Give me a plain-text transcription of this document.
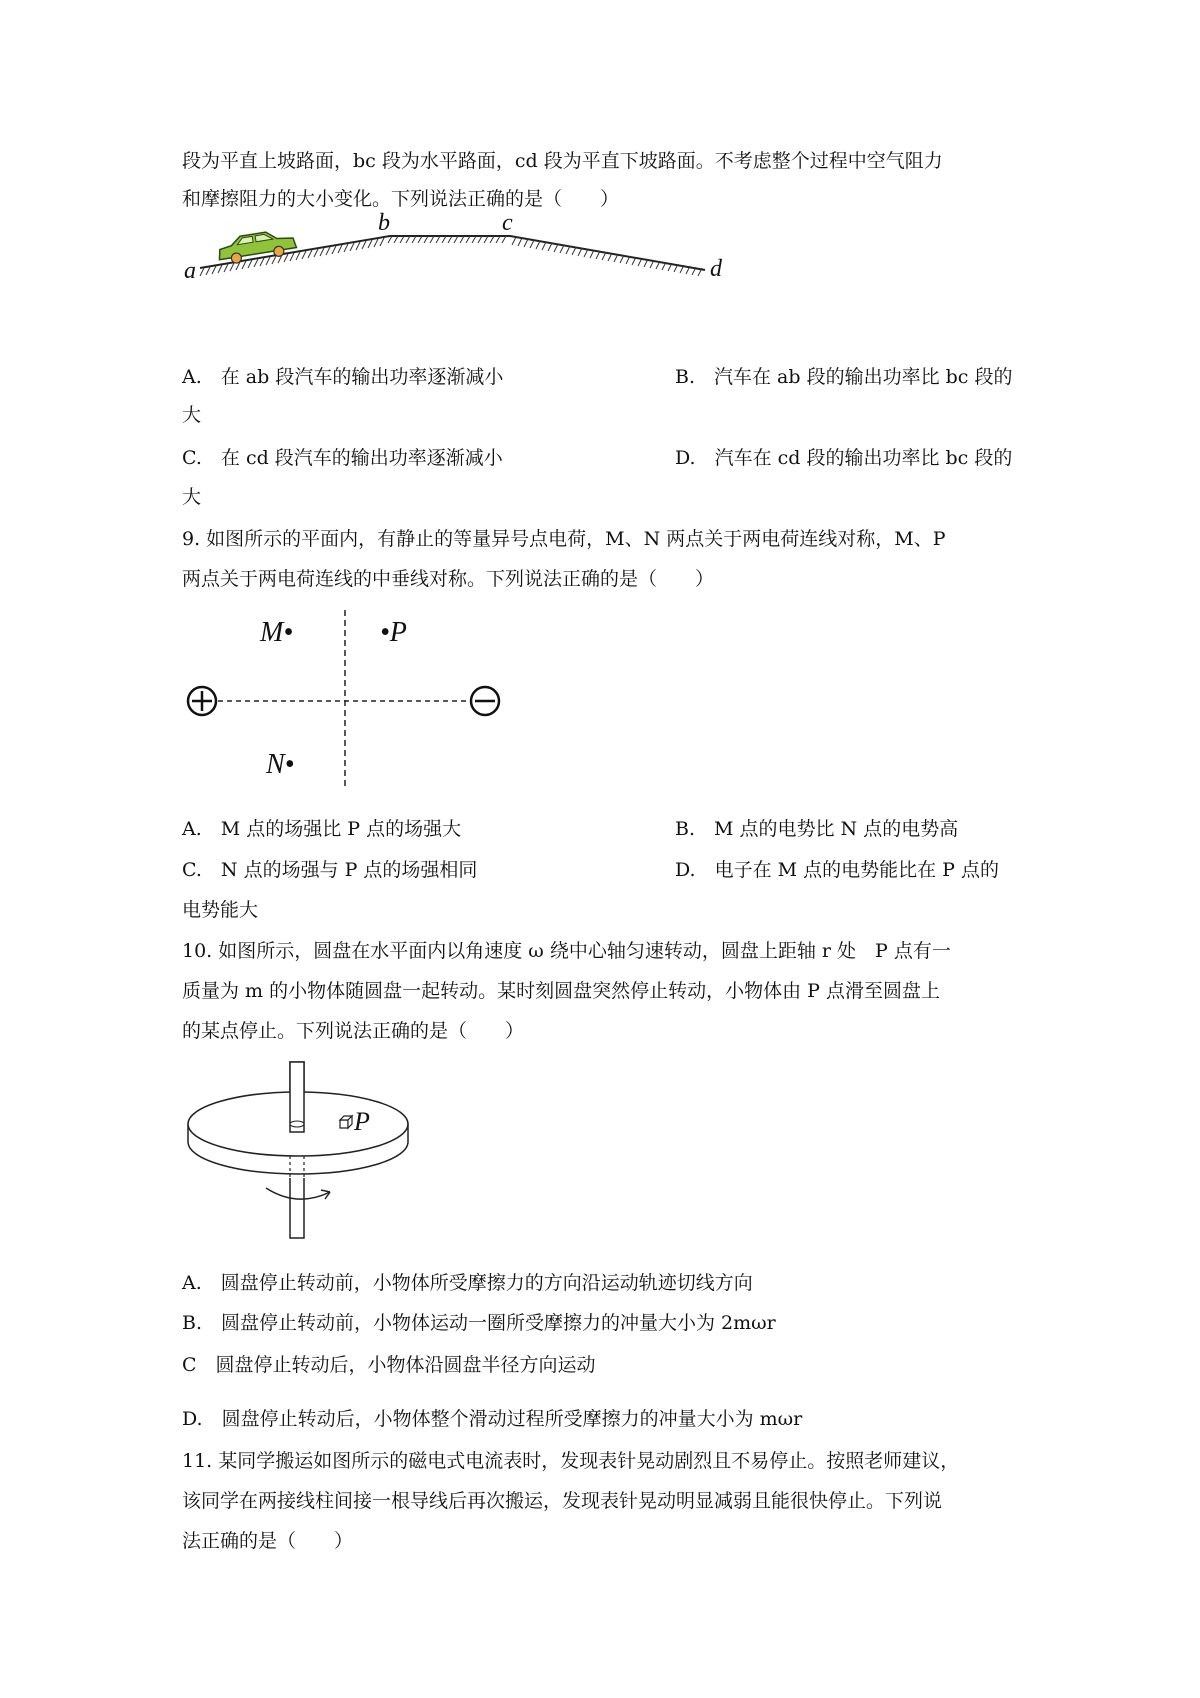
段为平直上坡路面，bc 段为水平路面，cd 段为平直下坡路面。不考虑整个过程中空气阻力
和摩擦阻力的大小变化。下列说法正确的是（　　）
a
b	c
d
A.　在 ab 段汽车的输出功率逐渐减小	B.　汽车在 ab 段的输出功率比 bc 段的
大
C.　在 cd 段汽车的输出功率逐渐减小	D.　汽车在 cd 段的输出功率比 bc 段的
大
9. 如图所示的平面内，有静止的等量异号点电荷，M、N 两点关于两电荷连线对称，M、P
两点关于两电荷连线的中垂线对称。下列说法正确的是（　　）
M•	•P
N•
A.　M 点的场强比 P 点的场强大	B.　M 点的电势比 N 点的电势高
C.　N 点的场强与 P 点的场强相同	D.　电子在 M 点的电势能比在 P 点的
电势能大
10. 如图所示，圆盘在水平面内以角速度 ω 绕中心轴匀速转动，圆盘上距轴 r 处　P 点有一
质量为 m 的小物体随圆盘一起转动。某时刻圆盘突然停止转动，小物体由 P 点滑至圆盘上
的某点停止。下列说法正确的是（　　）
P
A.　圆盘停止转动前，小物体所受摩擦力的方向沿运动轨迹切线方向
B.　圆盘停止转动前，小物体运动一圈所受摩擦力的冲量大小为 2mωr
C　圆盘停止转动后，小物体沿圆盘半径方向运动
D.　圆盘停止转动后，小物体整个滑动过程所受摩擦力的冲量大小为 mωr
11. 某同学搬运如图所示的磁电式电流表时，发现表针晃动剧烈且不易停止。按照老师建议，
该同学在两接线柱间接一根导线后再次搬运，发现表针晃动明显减弱且能很快停止。下列说
法正确的是（　　）
